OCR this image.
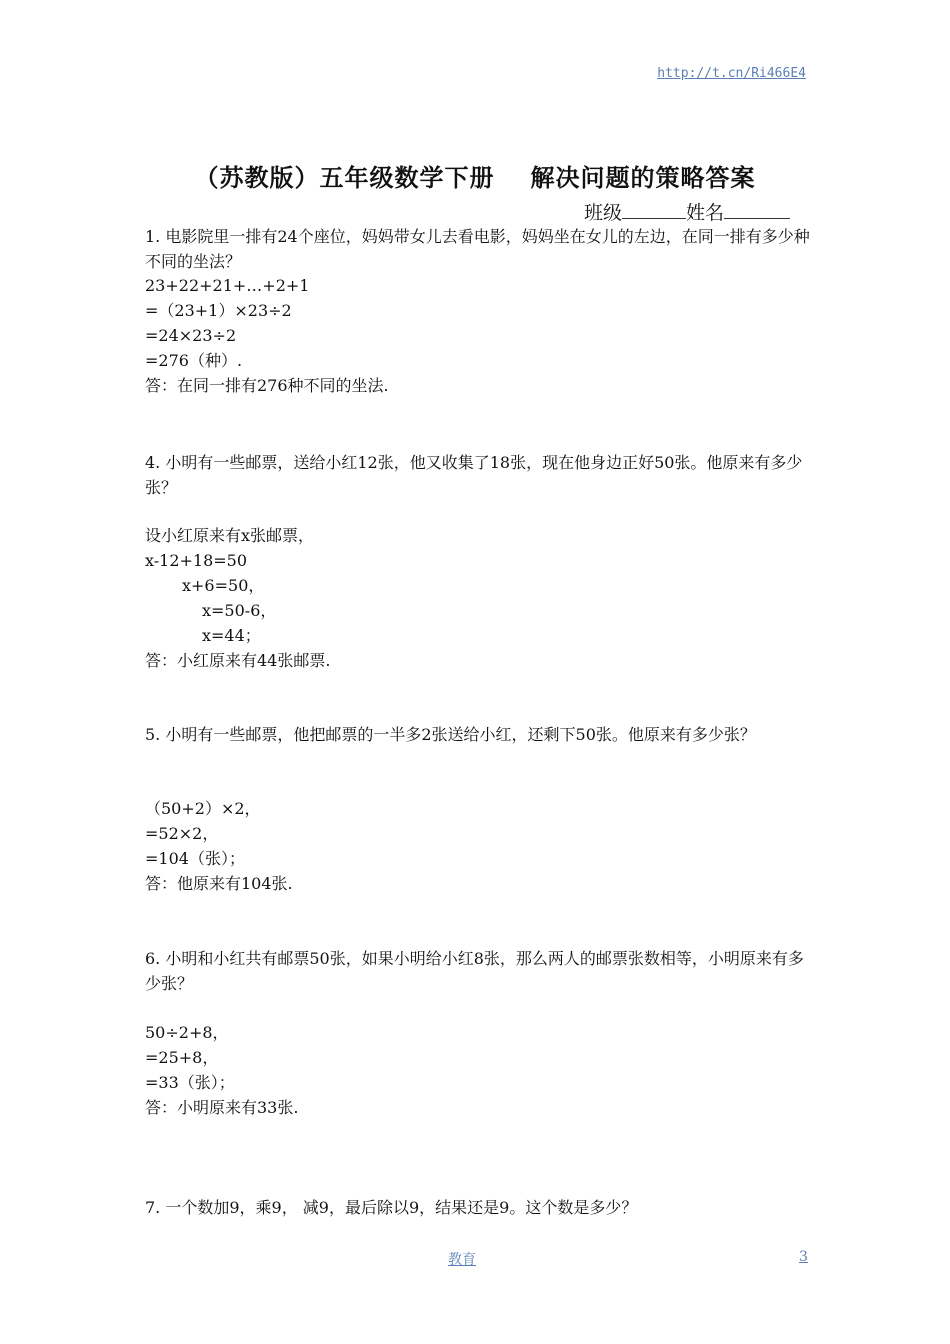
http://t.cn/Ri466E4
（苏教版）五年级数学下册 解决问题的策略答案
班级	姓名

1. 电影院里一排有24个座位，妈妈带女儿去看电影，妈妈坐在女儿的左边，在同一排有多少种不同的坐法？

23+22+21+…+2+1
=（23+1）×23÷2
=24×23÷2
=276（种）.
答：在同一排有276种不同的坐法.

4. 小明有一些邮票，送给小红12张，他又收集了18张，现在他身边正好50张。他原来有多少张？

设小红原来有x张邮票，
x-12+18=50
x+6=50，
x=50-6，
x=44；
答：小红原来有44张邮票.

5. 小明有一些邮票，他把邮票的一半多2张送给小红，还剩下50张。他原来有多少张？

（50+2）×2，
=52×2，
=104（张）；
答：他原来有104张.

6. 小明和小红共有邮票50张，如果小明给小红8张，那么两人的邮票张数相等，小明原来有多少张？

50÷2+8，
=25+8，
=33（张）；
答：小明原来有33张.

7. 一个数加9，乘9， 减9，最后除以9，结果还是9。这个数是多少？

教育	3
